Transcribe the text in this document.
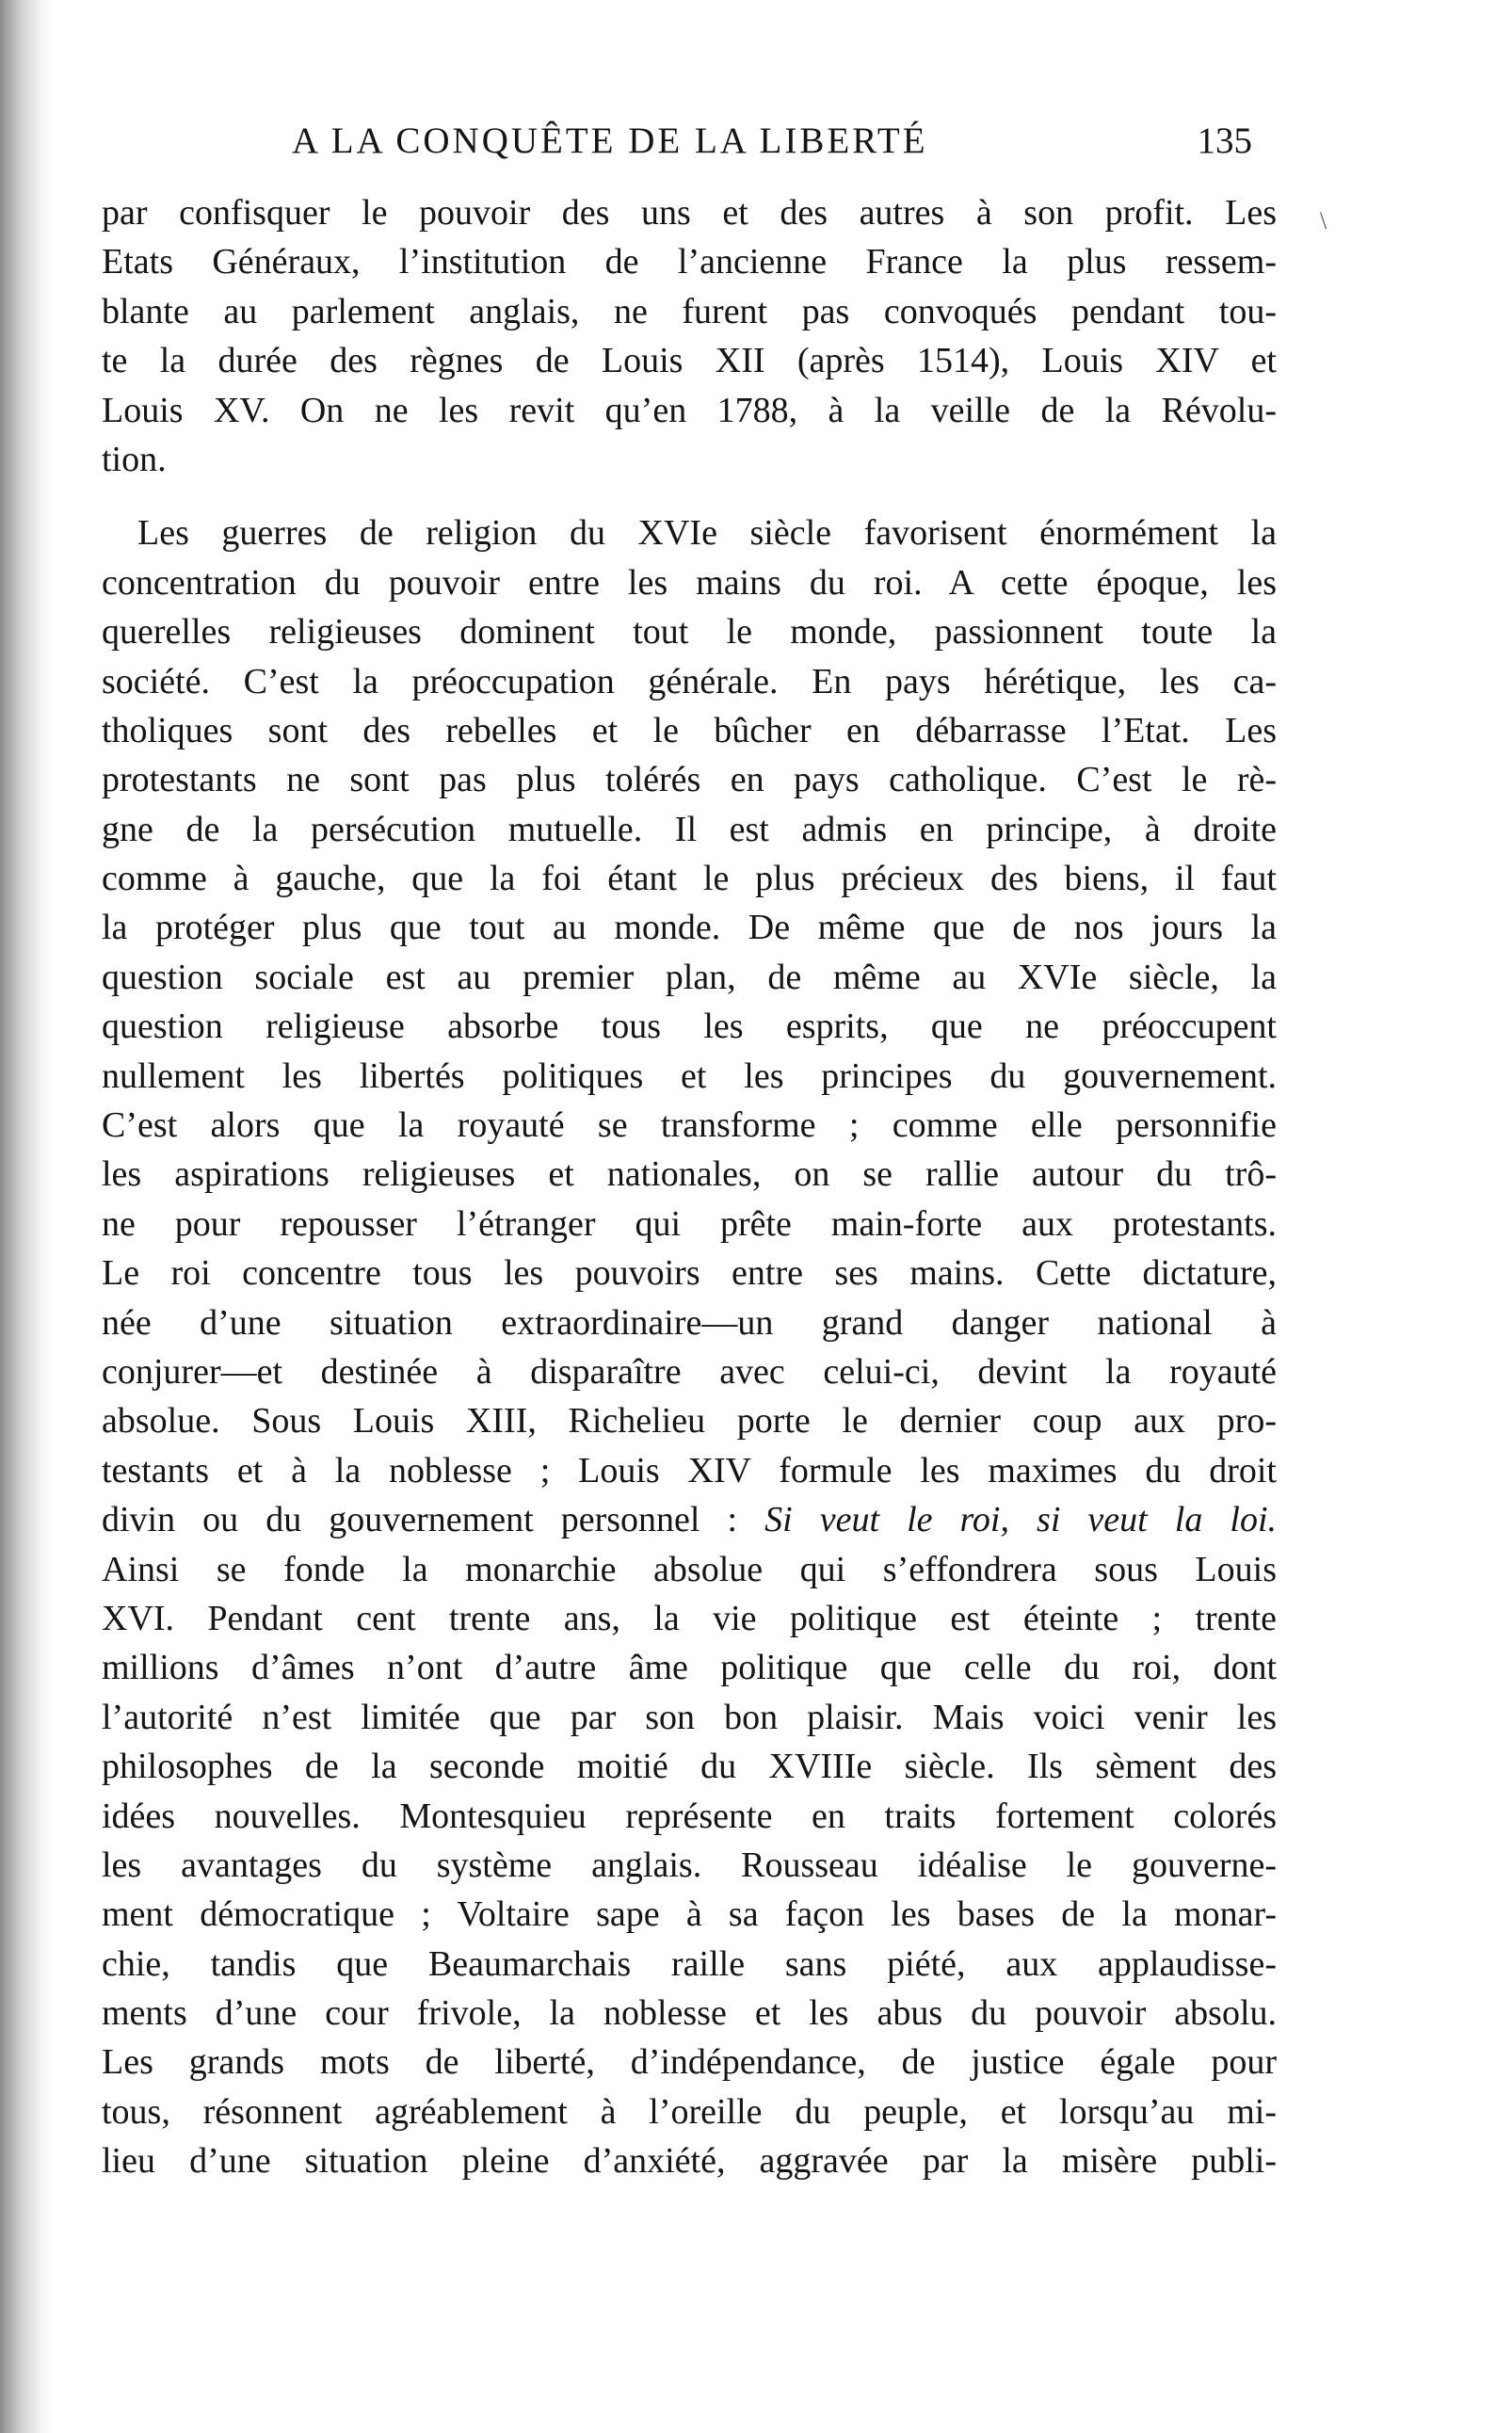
A LA CONQUÊTE DE LA LIBERTÉ	135
\
par confisquer le pouvoir des uns et des autres à son profit. Les
Etats Généraux, l’institution de l’ancienne France la plus ressem-
blante au parlement anglais, ne furent pas convoqués pendant tou-
te la durée des règnes de Louis XII (après 1514), Louis XIV et
Louis XV. On ne les revit qu’en 1788, à la veille de la Révolu-
tion.
Les guerres de religion du XVIe siècle favorisent énormément la
concentration du pouvoir entre les mains du roi. A cette époque, les
querelles religieuses dominent tout le monde, passionnent toute la
société. C’est la préoccupation générale. En pays hérétique, les ca-
tholiques sont des rebelles et le bûcher en débarrasse l’Etat. Les
protestants ne sont pas plus tolérés en pays catholique. C’est le rè-
gne de la persécution mutuelle. Il est admis en principe, à droite
comme à gauche, que la foi étant le plus précieux des biens, il faut
la protéger plus que tout au monde. De même que de nos jours la
question sociale est au premier plan, de même au XVIe siècle, la
question religieuse absorbe tous les esprits, que ne préoccupent
nullement les libertés politiques et les principes du gouvernement.
C’est alors que la royauté se transforme ; comme elle personnifie
les aspirations religieuses et nationales, on se rallie autour du trô-
ne pour repousser l’étranger qui prête main-forte aux protestants.
Le roi concentre tous les pouvoirs entre ses mains. Cette dictature,
née d’une situation extraordinaire—un grand danger national à
conjurer—et destinée à disparaître avec celui-ci, devint la royauté
absolue. Sous Louis XIII, Richelieu porte le dernier coup aux pro-
testants et à la noblesse ; Louis XIV formule les maximes du droit
divin ou du gouvernement personnel : Si veut le roi, si veut la loi.
Ainsi se fonde la monarchie absolue qui s’effondrera sous Louis
XVI. Pendant cent trente ans, la vie politique est éteinte ; trente
millions d’âmes n’ont d’autre âme politique que celle du roi, dont
l’autorité n’est limitée que par son bon plaisir. Mais voici venir les
philosophes de la seconde moitié du XVIIIe siècle. Ils sèment des
idées nouvelles. Montesquieu représente en traits fortement colorés
les avantages du système anglais. Rousseau idéalise le gouverne-
ment démocratique ; Voltaire sape à sa façon les bases de la monar-
chie, tandis que Beaumarchais raille sans piété, aux applaudisse-
ments d’une cour frivole, la noblesse et les abus du pouvoir absolu.
Les grands mots de liberté, d’indépendance, de justice égale pour
tous, résonnent agréablement à l’oreille du peuple, et lorsqu’au mi-
lieu d’une situation pleine d’anxiété, aggravée par la misère publi-
